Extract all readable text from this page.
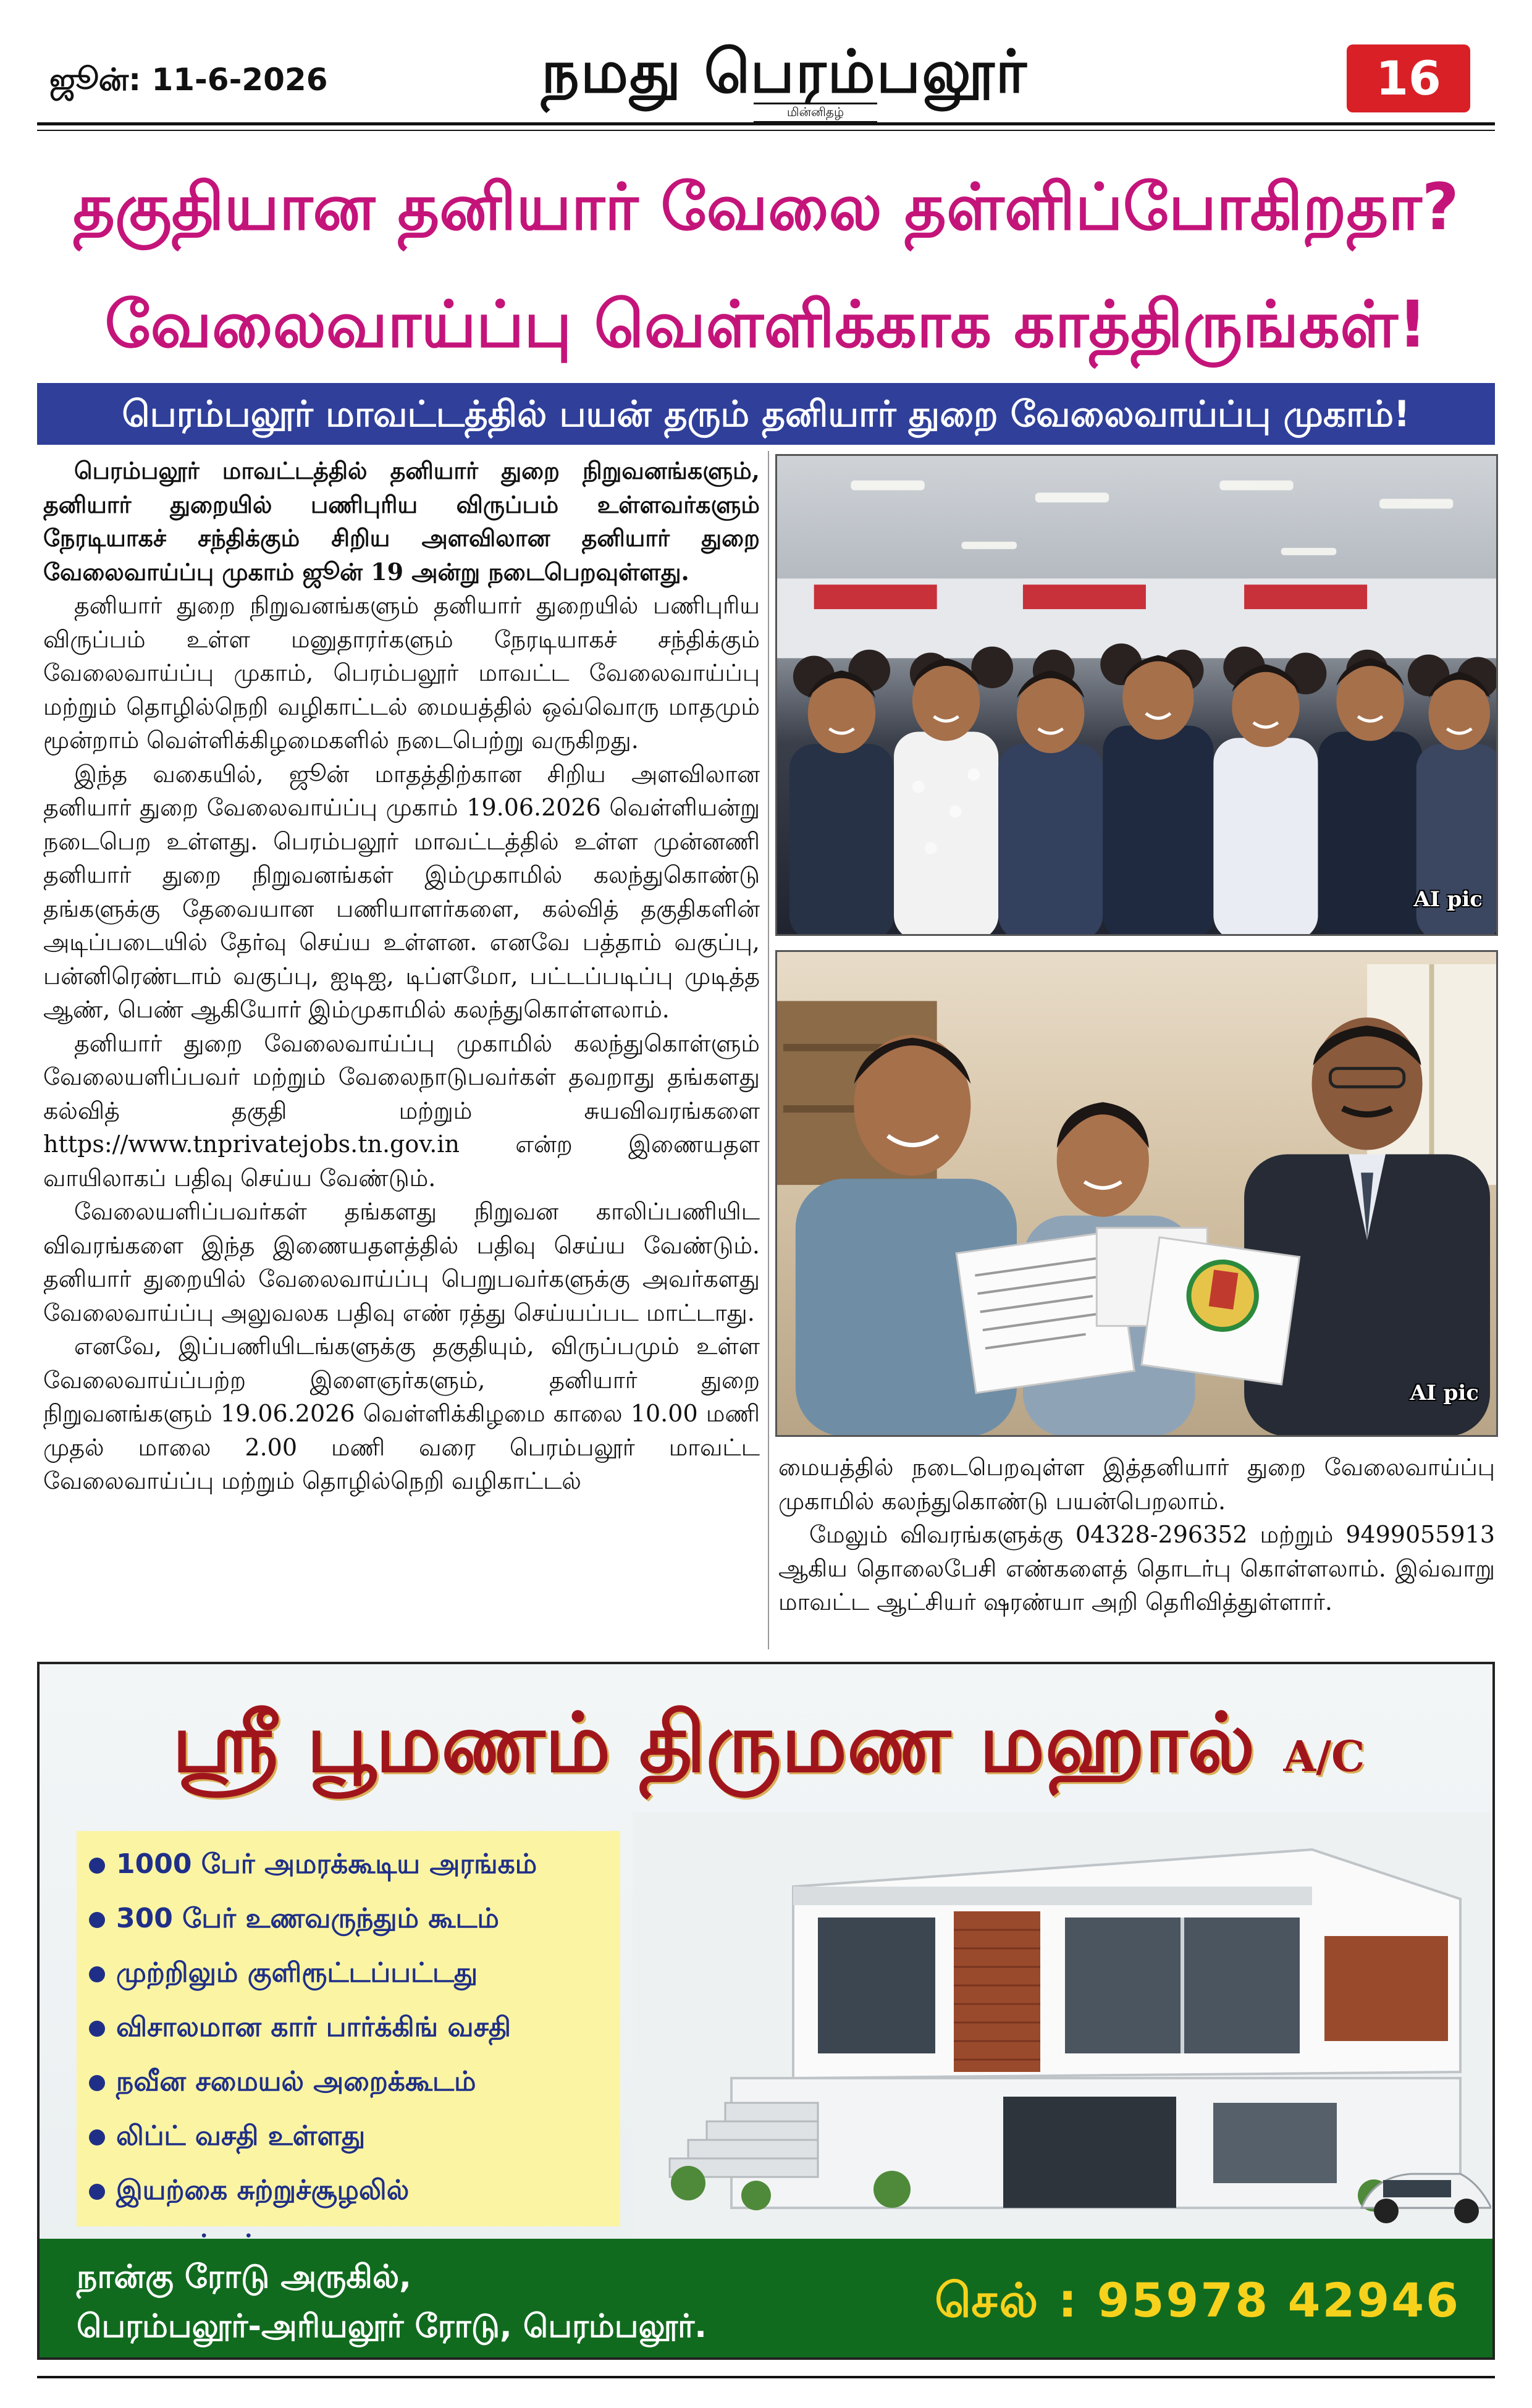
ஜூன்: 11-6-2026	நமது பெரம்பலூர்
மின்னிதழ்
16
தகுதியான தனியார் வேலை தள்ளிப்போகிறதா?
வேலைவாய்ப்பு வெள்ளிக்காக காத்திருங்கள்!
பெரம்பலூர் மாவட்டத்தில் பயன் தரும் தனியார் துறை வேலைவாய்ப்பு முகாம்!

பெரம்பலூர் மாவட்டத்தில் தனியார் துறை நிறுவனங்களும், தனியார் துறையில் பணிபுரிய விருப்பம் உள்ளவர்களும் நேரடியாகச் சந்திக்கும் சிறிய அளவிலான தனியார் துறை வேலைவாய்ப்பு முகாம் ஜூன் 19 அன்று நடைபெறவுள்ளது.

தனியார் துறை நிறுவனங்களும் தனியார் துறையில் பணிபுரிய விருப்பம் உள்ள மனுதாரர்களும் நேரடியாகச் சந்திக்கும் வேலைவாய்ப்பு முகாம், பெரம்பலூர் மாவட்ட வேலைவாய்ப்பு மற்றும் தொழில்நெறி வழிகாட்டல் மையத்தில் ஒவ்வொரு மாதமும் மூன்றாம் வெள்ளிக்கிழமைகளில் நடைபெற்று வருகிறது.

இந்த வகையில், ஜூன் மாதத்திற்கான சிறிய அளவிலான தனியார் துறை வேலைவாய்ப்பு முகாம் 19.06.2026 வெள்ளியன்று நடைபெற உள்ளது. பெரம்பலூர் மாவட்டத்தில் உள்ள முன்னணி தனியார் துறை நிறுவனங்கள் இம்முகாமில் கலந்துகொண்டு தங்களுக்கு தேவையான பணியாளர்களை, கல்வித் தகுதிகளின் அடிப்படையில் தேர்வு செய்ய உள்ளன. எனவே பத்தாம் வகுப்பு, பன்னிரெண்டாம் வகுப்பு, ஐடிஐ, டிப்ளமோ, பட்டப்படிப்பு முடித்த ஆண், பெண் ஆகியோர் இம்முகாமில் கலந்துகொள்ளலாம்.

தனியார் துறை வேலைவாய்ப்பு முகாமில் கலந்துகொள்ளும் வேலையளிப்பவர் மற்றும் வேலைநாடுபவர்கள் தவறாது தங்களது கல்வித் தகுதி மற்றும் சுயவிவரங்களை https://www.tnprivatejobs.tn.gov.in என்ற இணையதள வாயிலாகப் பதிவு செய்ய வேண்டும்.

வேலையளிப்பவர்கள் தங்களது நிறுவன காலிப்பணியிட விவரங்களை இந்த இணையதளத்தில் பதிவு செய்ய வேண்டும். தனியார் துறையில் வேலைவாய்ப்பு பெறுபவர்களுக்கு அவர்களது வேலைவாய்ப்பு அலுவலக பதிவு எண் ரத்து செய்யப்பட மாட்டாது.

எனவே, இப்பணியிடங்களுக்கு தகுதியும், விருப்பமும் உள்ள வேலைவாய்ப்பற்ற இளைஞர்களும், தனியார் துறை நிறுவனங்களும் 19.06.2026 வெள்ளிக்கிழமை காலை 10.00 மணி முதல் மாலை 2.00 மணி வரை பெரம்பலூர் மாவட்ட வேலைவாய்ப்பு மற்றும் தொழில்நெறி வழிகாட்டல்

AI pic
AI pic

மையத்தில் நடைபெறவுள்ள இத்தனியார் துறை வேலைவாய்ப்பு முகாமில் கலந்துகொண்டு பயன்பெறலாம்.

மேலும் விவரங்களுக்கு 04328-296352 மற்றும் 9499055913 ஆகிய தொலைபேசி எண்களைத் தொடர்பு கொள்ளலாம். இவ்வாறு மாவட்ட ஆட்சியர் ஷரண்யா அறி தெரிவித்துள்ளார்.

ஸ்ரீ பூமணம் திருமண மஹால் A/C
1000 பேர் அமரக்கூடிய அரங்கம்
300 பேர் உணவருந்தும் கூடம்
முற்றிலும் குளிரூட்டப்பட்டது
விசாலமான கார் பார்க்கிங் வசதி
நவீன சமையல் அறைக்கூடம்
லிப்ட் வசதி உள்ளது
இயற்கை சுற்றுச்சூழலில்
நான்கு ரோடு அருகில்,
பெரம்பலூர்-அரியலூர் ரோடு, பெரம்பலூர்.	செல் : 95978 42946
